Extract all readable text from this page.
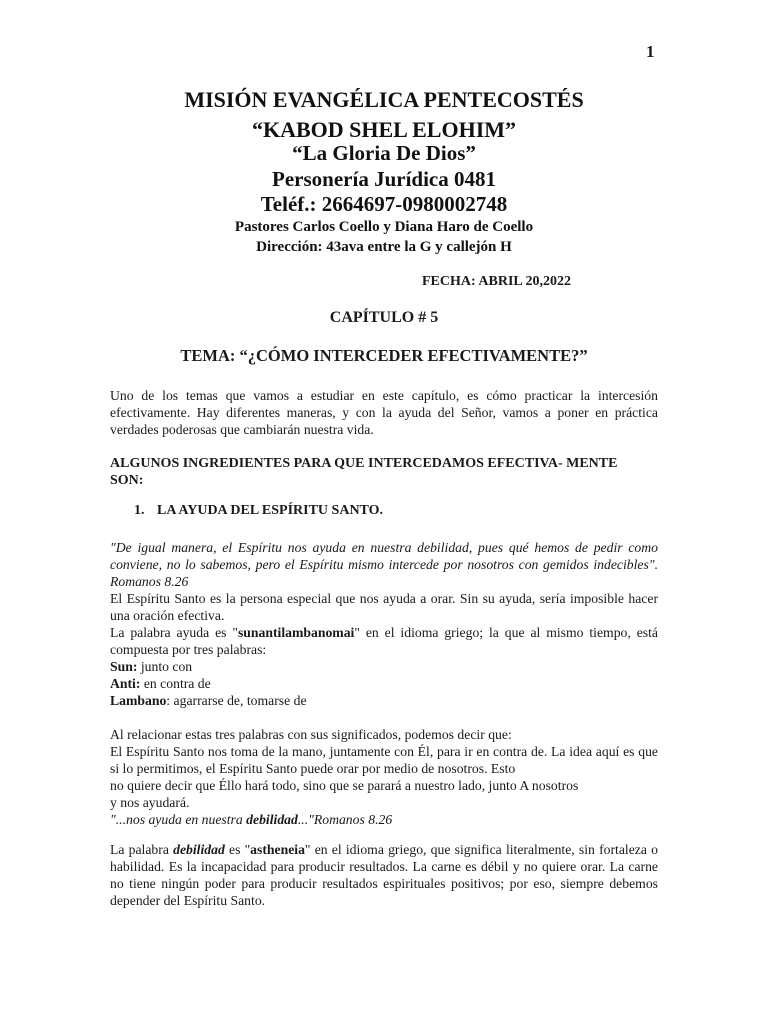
1
MISIÓN EVANGÉLICA PENTECOSTÉS
“KABOD SHEL ELOHIM”
“La Gloria De Dios”
Personería Jurídica 0481
Teléf.: 2664697-0980002748
Pastores Carlos Coello y Diana Haro de Coello
Dirección: 43ava entre la G y callejón H
FECHA: ABRIL 20,2022
CAPÍTULO # 5
TEMA: “¿CÓMO INTERCEDER EFECTIVAMENTE?”
Uno de los temas que vamos a estudiar en este capítulo, es cómo practicar la intercesión efectivamente. Hay diferentes maneras, y con la ayuda del Señor, vamos a poner en práctica verdades poderosas que cambiarán nuestra vida.
ALGUNOS INGREDIENTES PARA QUE INTERCEDAMOS EFECTIVA- MENTE SON:
1. LA AYUDA DEL ESPÍRITU SANTO.
"De igual manera, el Espíritu nos ayuda en nuestra debilidad, pues qué hemos de pedir como conviene, no lo sabemos, pero el Espíritu mismo intercede por nosotros con gemidos indecibles". Romanos 8.26
El Espíritu Santo es la persona especial que nos ayuda a orar. Sin su ayuda, sería imposible hacer una oración efectiva.
La palabra ayuda es "sunantilambanomai" en el idioma griego; la que al mismo tiempo, está compuesta por tres palabras:
Sun: junto con
Anti: en contra de
Lambano: agarrarse de, tomarse de
Al relacionar estas tres palabras con sus significados, podemos decir que:
El Espíritu Santo nos toma de la mano, juntamente con Él, para ir en contra de. La idea aquí es que si lo permitimos, el Espíritu Santo puede orar por medio de nosotros. Esto
no quiere decir que Éllo hará todo, sino que se parará a nuestro lado, junto A nosotros
y nos ayudará.
"...nos ayuda en nuestra debilidad..."Romanos 8.26
La palabra debilidad es "astheneia" en el idioma griego, que significa literalmente, sin fortaleza o habilidad. Es la incapacidad para producir resultados. La carne es débil y no quiere orar. La carne no tiene ningún poder para producir resultados espirituales positivos; por eso, siempre debemos depender del Espíritu Santo.
